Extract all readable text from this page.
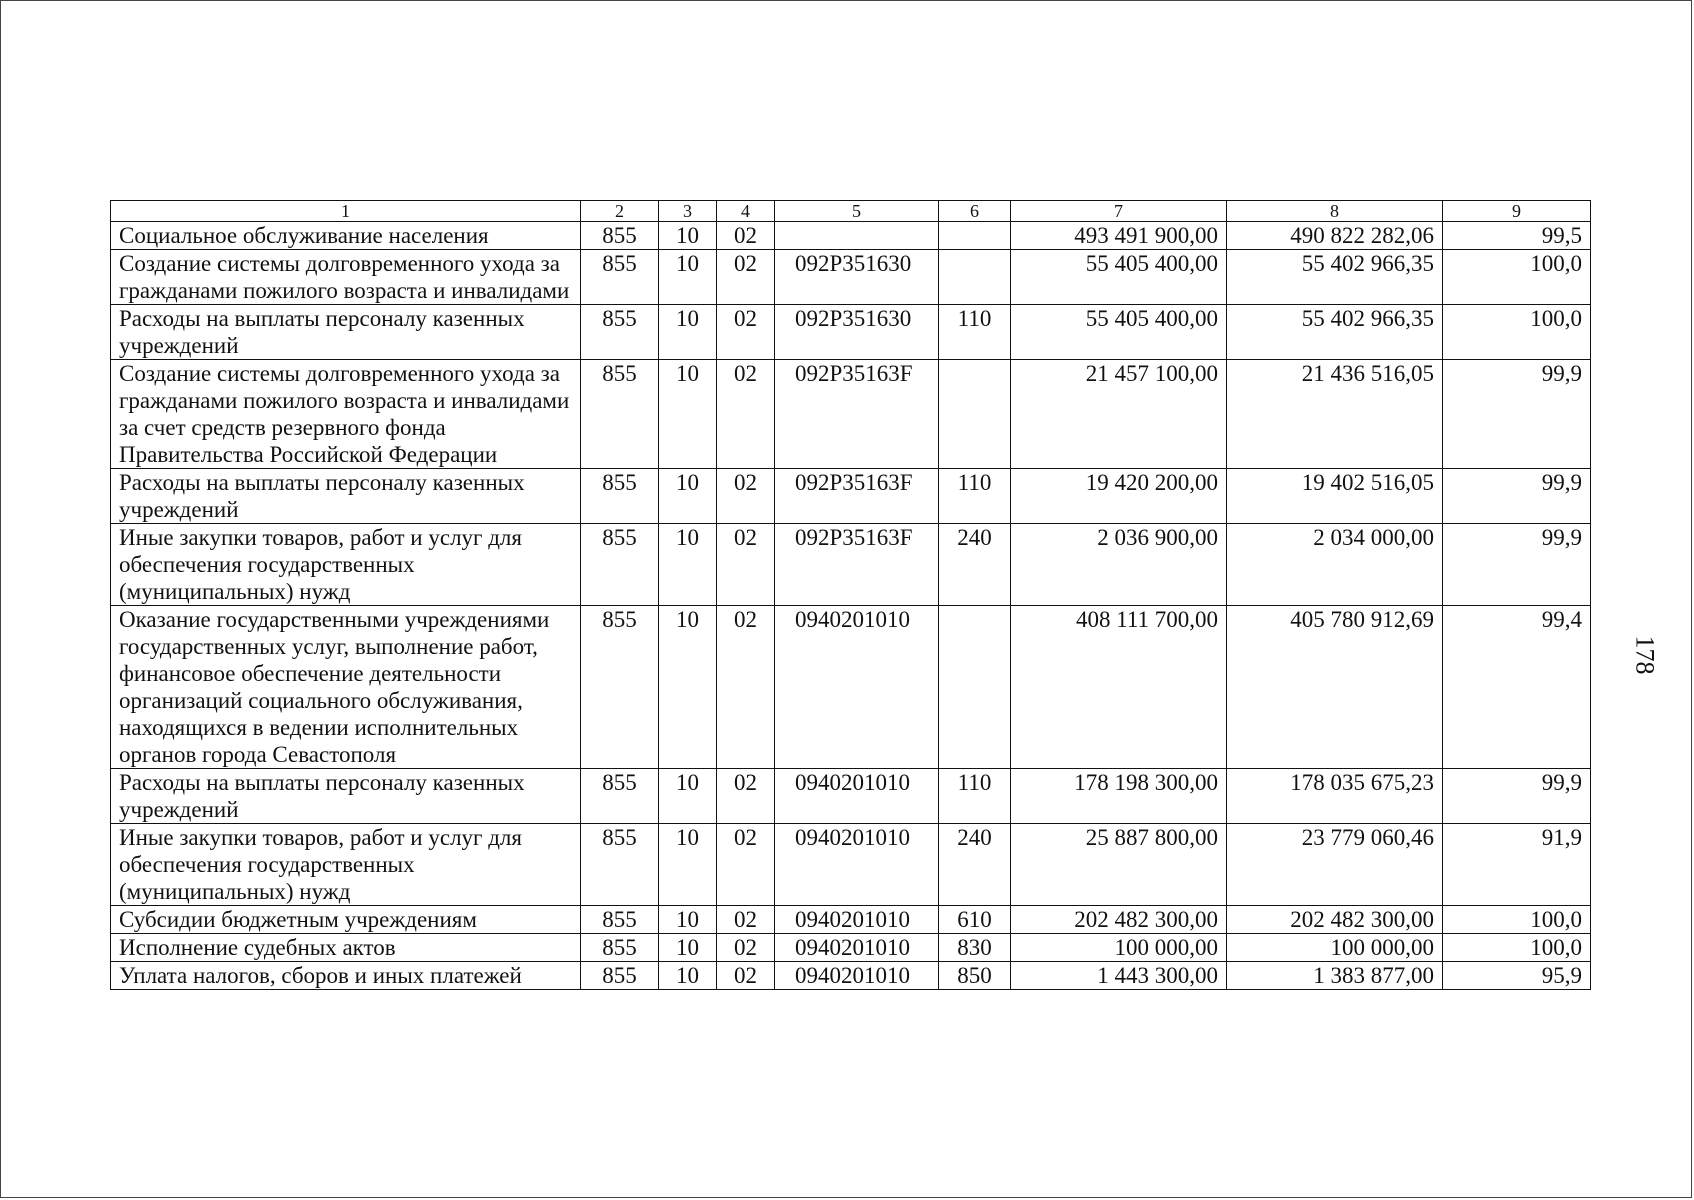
1	2	3	4	5	6	7	8	9
Социальное обслуживание населения	855	10	02			493 491 900,00	490 822 282,06	99,5
Создание системы долговременного ухода за гражданами пожилого возраста и инвалидами	855	10	02	092P351630		55 405 400,00	55 402 966,35	100,0
Расходы на выплаты персоналу казенных учреждений	855	10	02	092P351630	110	55 405 400,00	55 402 966,35	100,0
Создание системы долговременного ухода за гражданами пожилого возраста и инвалидами за счет средств резервного фонда Правительства Российской Федерации	855	10	02	092P35163F		21 457 100,00	21 436 516,05	99,9
Расходы на выплаты персоналу казенных учреждений	855	10	02	092P35163F	110	19 420 200,00	19 402 516,05	99,9
Иные закупки товаров, работ и услуг для обеспечения государственных (муниципальных) нужд	855	10	02	092P35163F	240	2 036 900,00	2 034 000,00	99,9
Оказание государственными учреждениями государственных услуг, выполнение работ, финансовое обеспечение деятельности организаций социального обслуживания, находящихся в ведении исполнительных органов города Севастополя	855	10	02	0940201010		408 111 700,00	405 780 912,69	99,4
Расходы на выплаты персоналу казенных учреждений	855	10	02	0940201010	110	178 198 300,00	178 035 675,23	99,9
Иные закупки товаров, работ и услуг для обеспечения государственных (муниципальных) нужд	855	10	02	0940201010	240	25 887 800,00	23 779 060,46	91,9
Субсидии бюджетным учреждениям	855	10	02	0940201010	610	202 482 300,00	202 482 300,00	100,0
Исполнение судебных актов	855	10	02	0940201010	830	100 000,00	100 000,00	100,0
Уплата налогов, сборов и иных платежей	855	10	02	0940201010	850	1 443 300,00	1 383 877,00	95,9
178
